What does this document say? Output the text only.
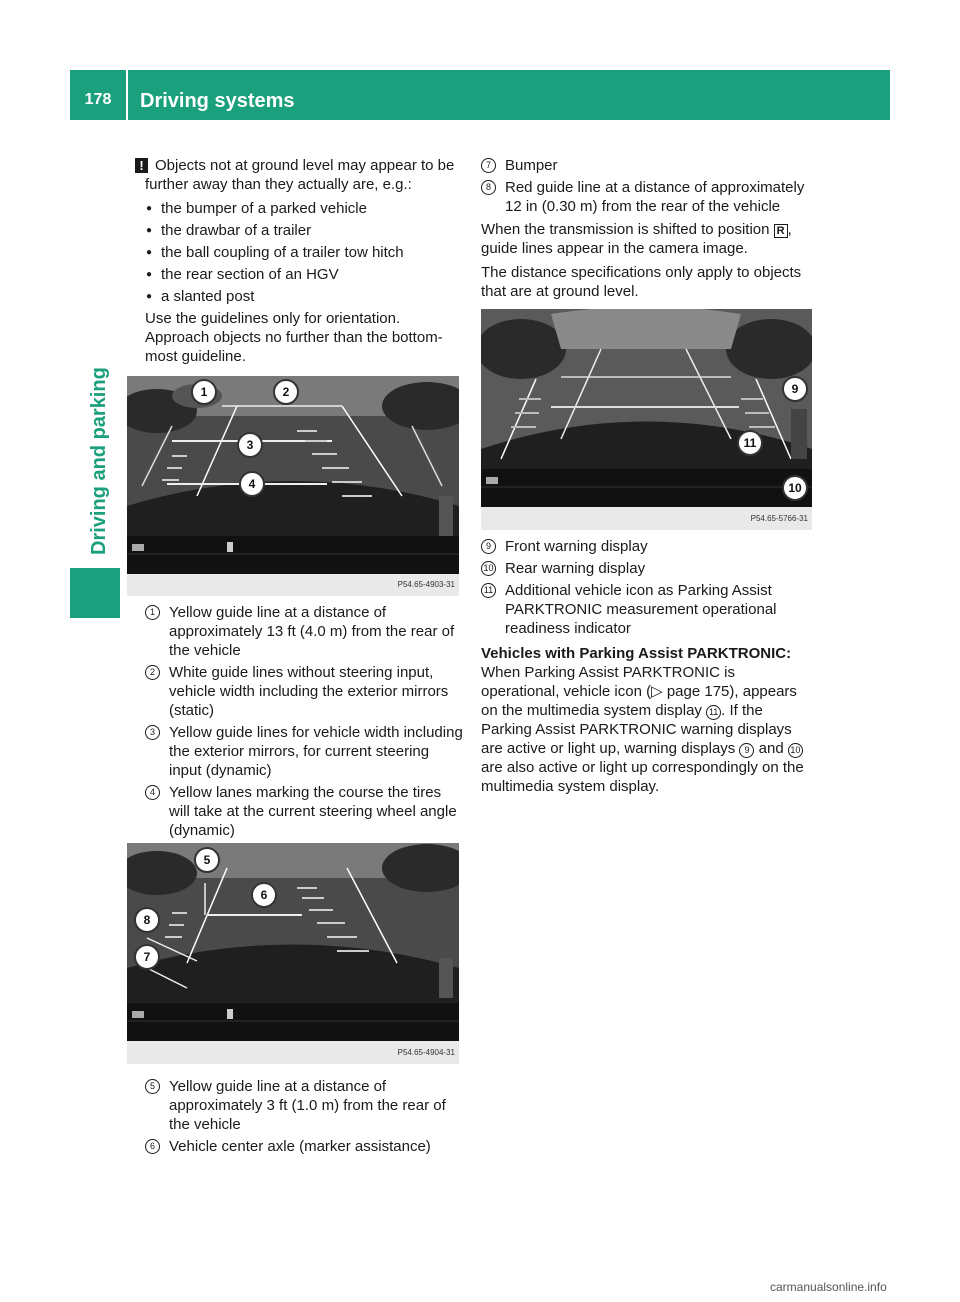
178	Driving systems
Driving and parking

! Objects not at ground level may appear to be further away than they actually are, e.g.:

● the bumper of a parked vehicle
● the drawbar of a trailer
● the ball coupling of a trailer tow hitch
● the rear section of an HGV
● a slanted post

Use the guidelines only for orientation.
Approach objects no further than the bottom-most guideline.

1	2
3
4
P54.65-4903-31
1 Yellow guide line at a distance of approximately 13 ft (4.0 m) from the rear of the vehicle
2 White guide lines without steering input, vehicle width including the exterior mirrors (static)
3 Yellow guide lines for vehicle width including the exterior mirrors, for current steering input (dynamic)
4 Yellow lanes marking the course the tires will take at the current steering wheel angle (dynamic)
5
6
8
7
P54.65-4904-31
5 Yellow guide line at a distance of approximately 3 ft (1.0 m) from the rear of the vehicle
6 Vehicle center axle (marker assistance)
7 Bumper
8 Red guide line at a distance of approximately 12 in (0.30 m) from the rear of the vehicle

When the transmission is shifted to position R , guide lines appear in the camera image.

The distance specifications only apply to objects that are at ground level.

9
11
10
P54.65-5766-31
9 Front warning display
10 Rear warning display
11 Additional vehicle icon as Parking Assist PARKTRONIC measurement operational readiness indicator

Vehicles with Parking Assist PARKTRONIC:

When Parking Assist PARKTRONIC is operational, vehicle icon (▷ page 175), appears on the multimedia system display 11 . If the Parking Assist PARKTRONIC warning displays are active or light up, warning displays 9 and 10 are also active or light up correspondingly on the multimedia system display.

carmanualsonline.info
